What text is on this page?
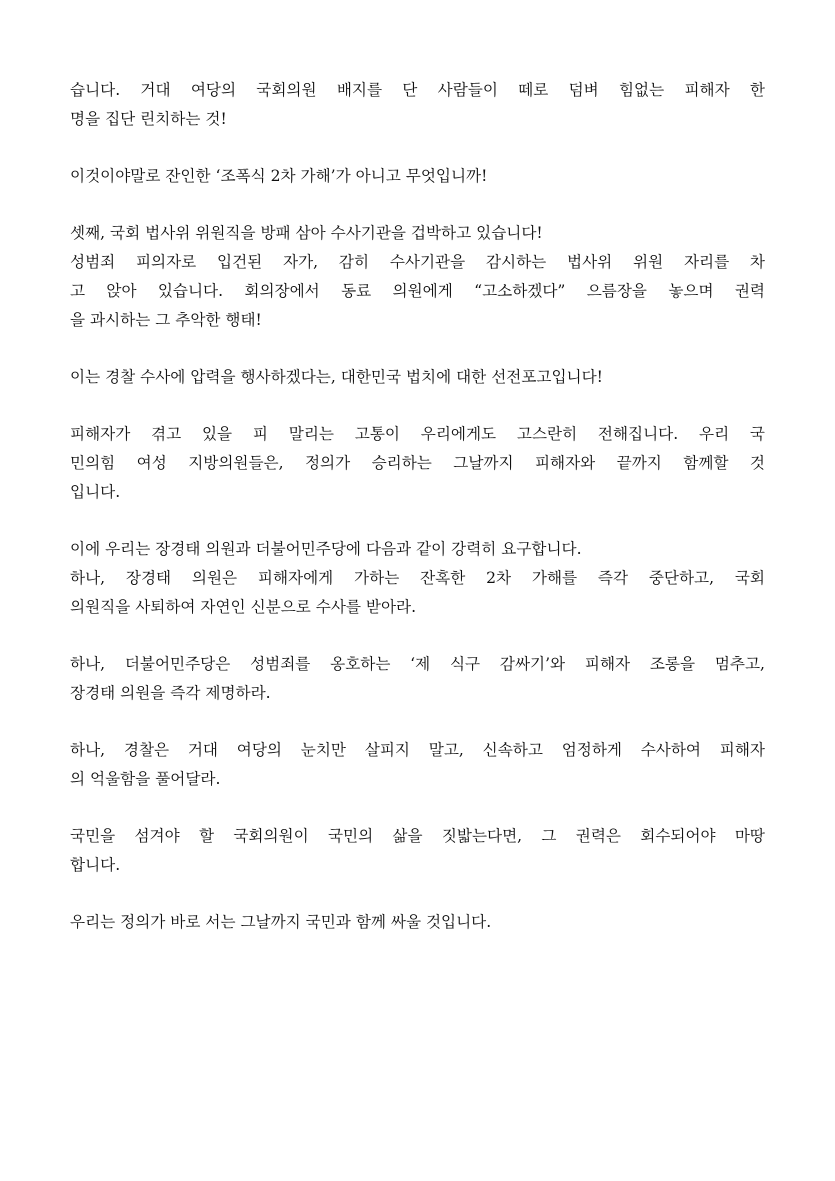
습니다. 거대 여당의 국회의원 배지를 단 사람들이 떼로 덤벼 힘없는 피해자 한
명을 집단 린치하는 것!
이것이야말로 잔인한 ‘조폭식 2차 가해’가 아니고 무엇입니까!
셋째, 국회 법사위 위원직을 방패 삼아 수사기관을 겁박하고 있습니다!
성범죄 피의자로 입건된 자가, 감히 수사기관을 감시하는 법사위 위원 자리를 차
고 앉아 있습니다. 회의장에서 동료 의원에게 “고소하겠다” 으름장을 놓으며 권력
을 과시하는 그 추악한 행태!
이는 경찰 수사에 압력을 행사하겠다는, 대한민국 법치에 대한 선전포고입니다!
피해자가 겪고 있을 피 말리는 고통이 우리에게도 고스란히 전해집니다. 우리 국
민의힘 여성 지방의원들은, 정의가 승리하는 그날까지 피해자와 끝까지 함께할 것
입니다.
이에 우리는 장경태 의원과 더불어민주당에 다음과 같이 강력히 요구합니다.
하나, 장경태 의원은 피해자에게 가하는 잔혹한 2차 가해를 즉각 중단하고, 국회
의원직을 사퇴하여 자연인 신분으로 수사를 받아라.
하나, 더불어민주당은 성범죄를 옹호하는 ‘제 식구 감싸기’와 피해자 조롱을 멈추고,
장경태 의원을 즉각 제명하라.
하나, 경찰은 거대 여당의 눈치만 살피지 말고, 신속하고 엄정하게 수사하여 피해자
의 억울함을 풀어달라.
국민을 섬겨야 할 국회의원이 국민의 삶을 짓밟는다면, 그 권력은 회수되어야 마땅
합니다.
우리는 정의가 바로 서는 그날까지 국민과 함께 싸울 것입니다.
